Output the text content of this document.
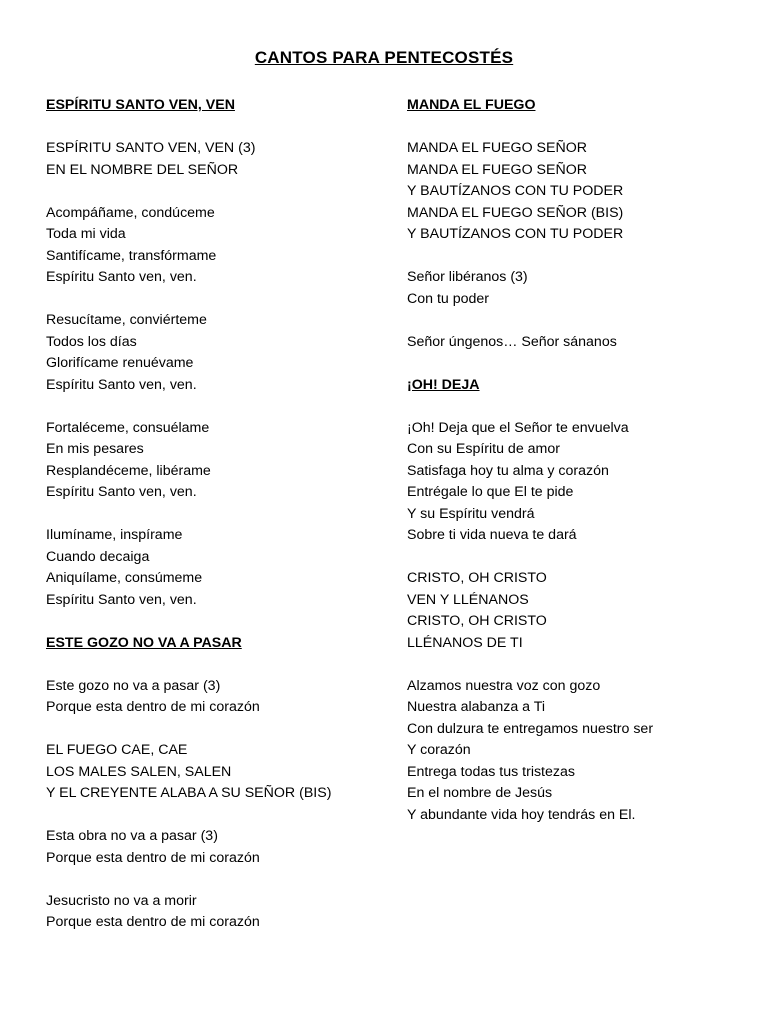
CANTOS PARA PENTECOSTÉS
ESPÍRITU SANTO VEN, VEN
ESPÍRITU SANTO VEN, VEN (3)
EN EL NOMBRE DEL SEÑOR
Acompáñame, condúceme
Toda mi vida
Santifícame, transfórmame
Espíritu Santo ven, ven.
Resucítame, conviérteme
Todos los días
Glorifícame renuévame
Espíritu Santo ven, ven.
Fortaléceme, consuélame
En mis pesares
Resplandéceme, libérame
Espíritu Santo ven, ven.
Ilumíname, inspírame
Cuando decaiga
Aniquílame, consúmeme
Espíritu Santo ven, ven.
ESTE GOZO NO VA A PASAR
Este gozo no va a pasar (3)
Porque esta dentro de mi corazón
EL FUEGO CAE, CAE
LOS MALES SALEN, SALEN
Y EL CREYENTE ALABA A SU SEÑOR (BIS)
Esta obra no va a pasar (3)
Porque esta dentro de mi corazón
Jesucristo no va a morir
Porque esta dentro de mi corazón
MANDA EL FUEGO
MANDA EL FUEGO SEÑOR
MANDA EL FUEGO SEÑOR
Y BAUTÍZANOS CON TU PODER
MANDA EL FUEGO SEÑOR (BIS)
Y BAUTÍZANOS CON TU PODER
Señor libéranos (3)
Con tu poder
Señor úngenos… Señor sánanos
¡OH! DEJA
¡Oh! Deja que el Señor te envuelva
Con su Espíritu de amor
Satisfaga hoy tu alma y corazón
Entrégale lo que El te pide
Y su Espíritu vendrá
Sobre ti vida nueva te dará
CRISTO, OH CRISTO
VEN Y LLÉNANOS
CRISTO, OH CRISTO
LLÉNANOS DE TI
Alzamos nuestra voz con gozo
Nuestra alabanza a Ti
Con dulzura te entregamos nuestro ser
Y corazón
Entrega todas tus tristezas
En el nombre de Jesús
Y abundante vida hoy tendrás en El.
